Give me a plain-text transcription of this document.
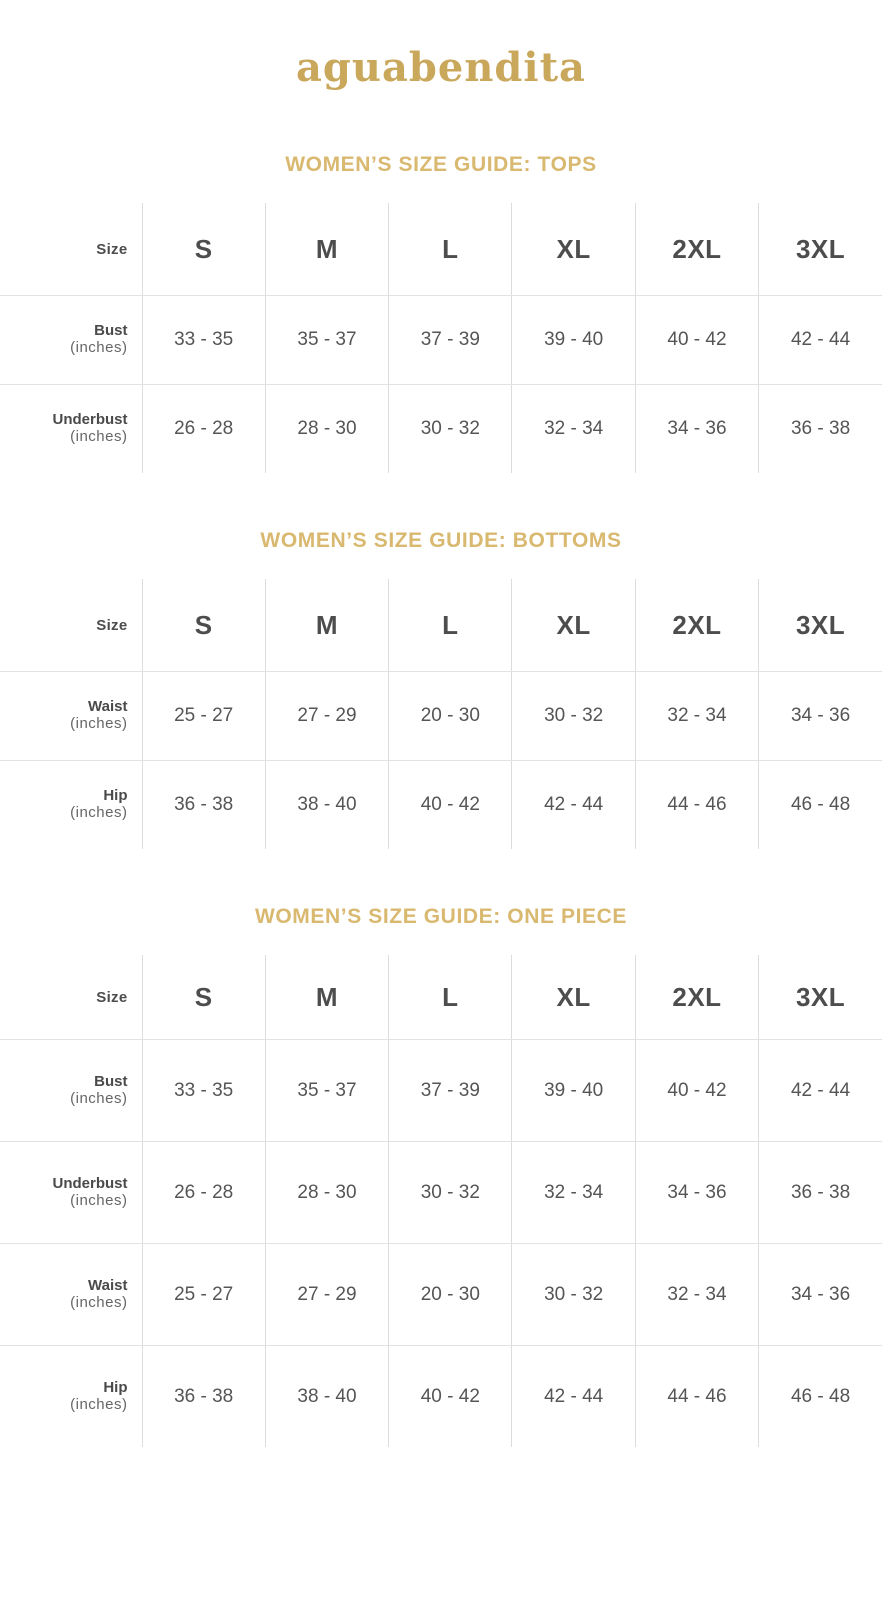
aguabendita
WOMEN’S SIZE GUIDE: TOPS
Size	S	M	L	XL	2XL	3XL

Bust
(inches)	33 - 35	35 - 37	37 - 39	39 - 40	40 - 42	42 - 44

Underbust
(inches)	26 - 28	28 - 30	30 - 32	32 - 34	34 - 36	36 - 38
WOMEN’S SIZE GUIDE: BOTTOMS
Size	S	M	L	XL	2XL	3XL

Waist
(inches)	25 - 27	27 - 29	20 - 30	30 - 32	32 - 34	34 - 36

Hip
(inches)	36 - 38	38 - 40	40 - 42	42 - 44	44 - 46	46 - 48
WOMEN’S SIZE GUIDE: ONE PIECE
Size	S	M	L	XL	2XL	3XL

Bust
(inches)	33 - 35	35 - 37	37 - 39	39 - 40	40 - 42	42 - 44

Underbust
(inches)	26 - 28	28 - 30	30 - 32	32 - 34	34 - 36	36 - 38

Waist
(inches)	25 - 27	27 - 29	20 - 30	30 - 32	32 - 34	34 - 36

Hip
(inches)	36 - 38	38 - 40	40 - 42	42 - 44	44 - 46	46 - 48
